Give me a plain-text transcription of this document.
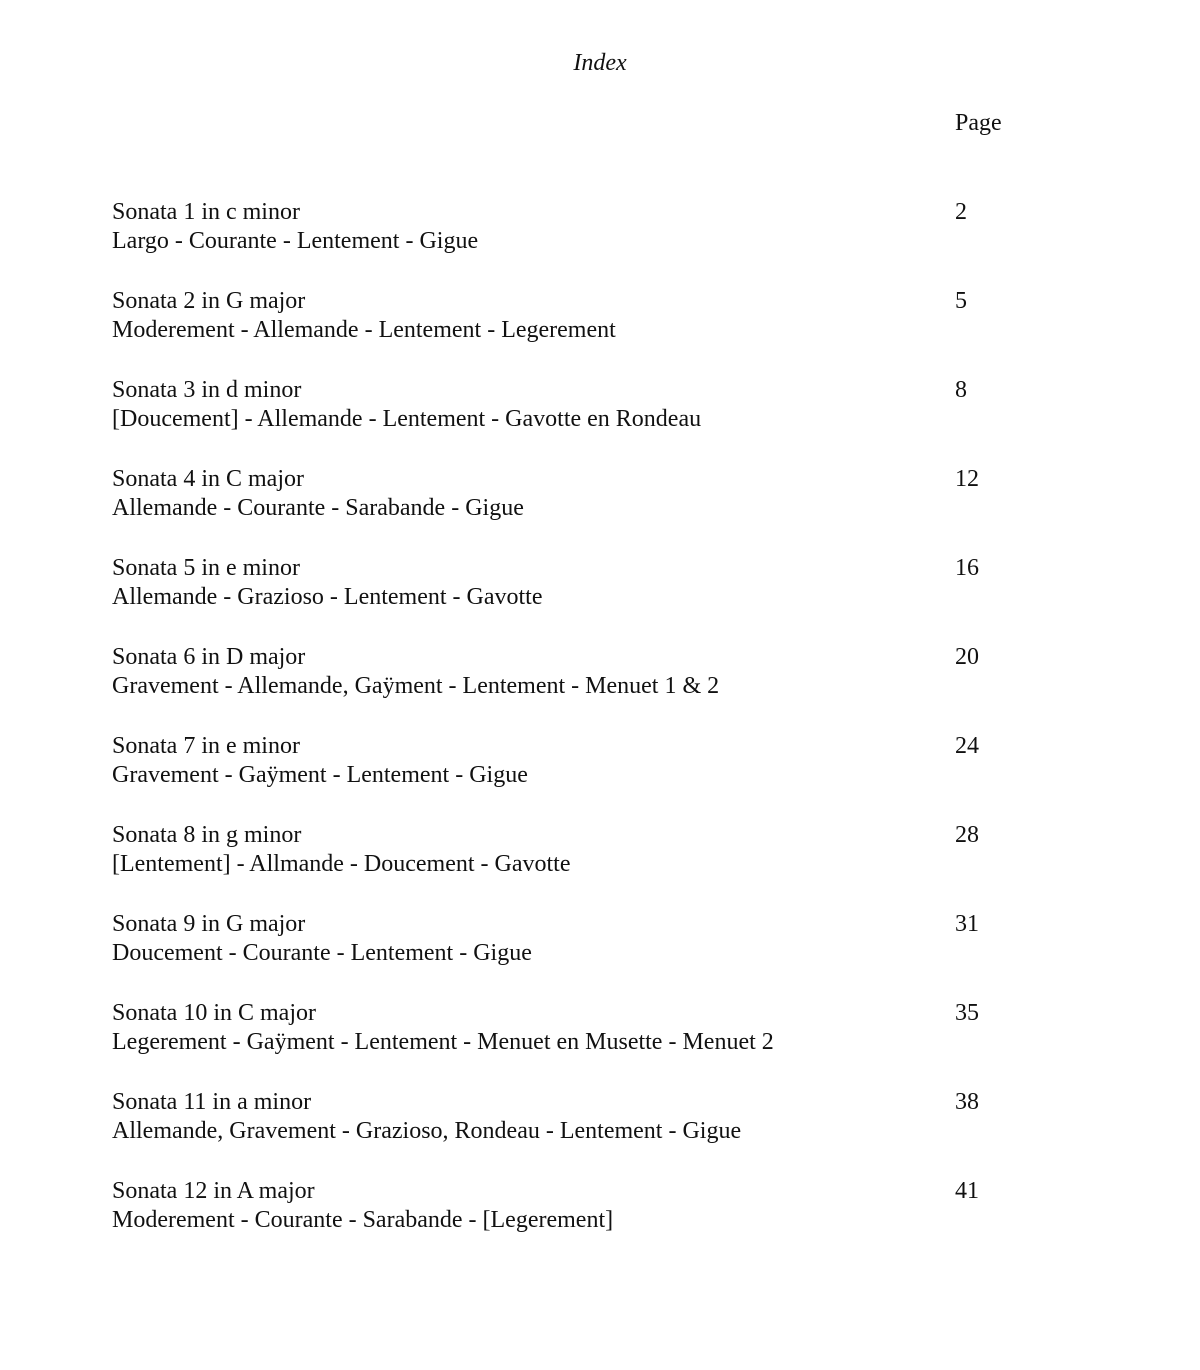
Index
Page
Sonata 1 in c minor
Largo - Courante - Lentement - Gigue
2
Sonata 2 in G major
Moderement - Allemande - Lentement - Legerement
5
Sonata 3 in d minor
[Doucement] - Allemande - Lentement - Gavotte en Rondeau
8
Sonata 4 in C major
Allemande - Courante - Sarabande - Gigue
12
Sonata 5 in e minor
Allemande - Grazioso - Lentement - Gavotte
16
Sonata 6 in D major
Gravement - Allemande, Gaÿment - Lentement - Menuet 1 & 2
20
Sonata 7 in e minor
Gravement - Gaÿment - Lentement - Gigue
24
Sonata 8 in g minor
[Lentement] - Allmande - Doucement - Gavotte
28
Sonata 9 in G major
Doucement - Courante - Lentement - Gigue
31
Sonata 10 in C major
Legerement - Gaÿment - Lentement - Menuet en Musette - Menuet 2
35
Sonata 11 in a minor
Allemande, Gravement - Grazioso, Rondeau - Lentement - Gigue
38
Sonata 12 in A major
Moderement - Courante - Sarabande - [Legerement]
41
